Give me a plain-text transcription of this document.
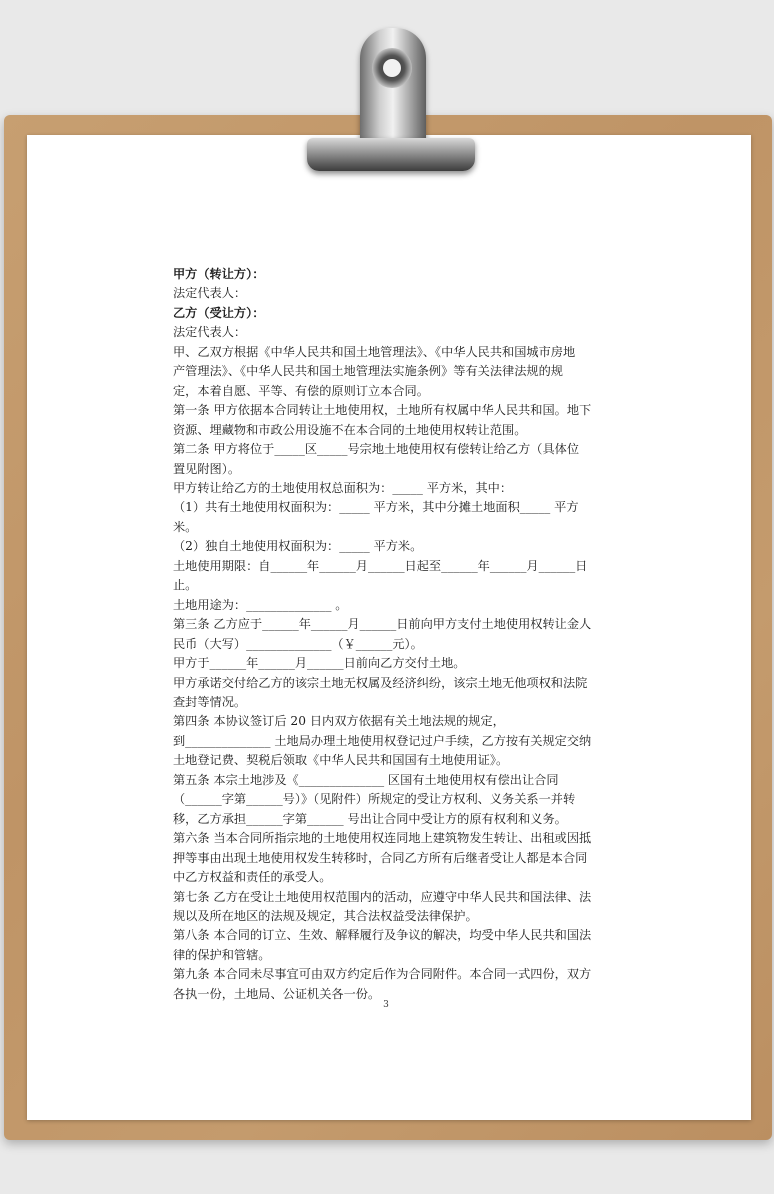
甲方（转让方）：

法定代表人：

乙方（受让方）：

法定代表人：

甲、乙双方根据《中华人民共和国土地管理法》、《中华人民共和国城市房地

产管理法》、《中华人民共和国土地管理法实施条例》等有关法律法规的规

定，本着自愿、平等、有偿的原则订立本合同。

第一条 甲方依据本合同转让土地使用权，土地所有权属中华人民共和国。地下

资源、埋藏物和市政公用设施不在本合同的土地使用权转让范围。

第二条 甲方将位于_____区_____号宗地土地使用权有偿转让给乙方（具体位

置见附图）。

甲方转让给乙方的土地使用权总面积为：_____ 平方米，其中：

（1）共有土地使用权面积为：_____ 平方米，其中分摊土地面积_____ 平方

米。

（2）独自土地使用权面积为：_____ 平方米。

土地使用期限：自______年______月______日起至______年______月______日

止。

土地用途为：______________ 。

第三条 乙方应于______年______月______日前向甲方支付土地使用权转让金人

民币（大写）______________（￥______元）。

甲方于______年______月______日前向乙方交付土地。

甲方承诺交付给乙方的该宗土地无权属及经济纠纷，该宗土地无他项权和法院

查封等情况。

第四条 本协议签订后 20 日内双方依据有关土地法规的规定，

到______________ 土地局办理土地使用权登记过户手续，乙方按有关规定交纳

土地登记费、契税后领取《中华人民共和国国有土地使用证》。

第五条 本宗土地涉及《______________ 区国有土地使用权有偿出让合同

（______字第______号）》（见附件）所规定的受让方权利、义务关系一并转

移，乙方承担______字第______ 号出让合同中受让方的原有权利和义务。

第六条 当本合同所指宗地的土地使用权连同地上建筑物发生转让、出租或因抵

押等事由出现土地使用权发生转移时，合同乙方所有后继者受让人都是本合同

中乙方权益和责任的承受人。

第七条 乙方在受让土地使用权范围内的活动，应遵守中华人民共和国法律、法

规以及所在地区的法规及规定，其合法权益受法律保护。

第八条 本合同的订立、生效、解释履行及争议的解决，均受中华人民共和国法

律的保护和管辖。

第九条 本合同未尽事宜可由双方约定后作为合同附件。本合同一式四份，双方

各执一份，土地局、公证机关各一份。

3
